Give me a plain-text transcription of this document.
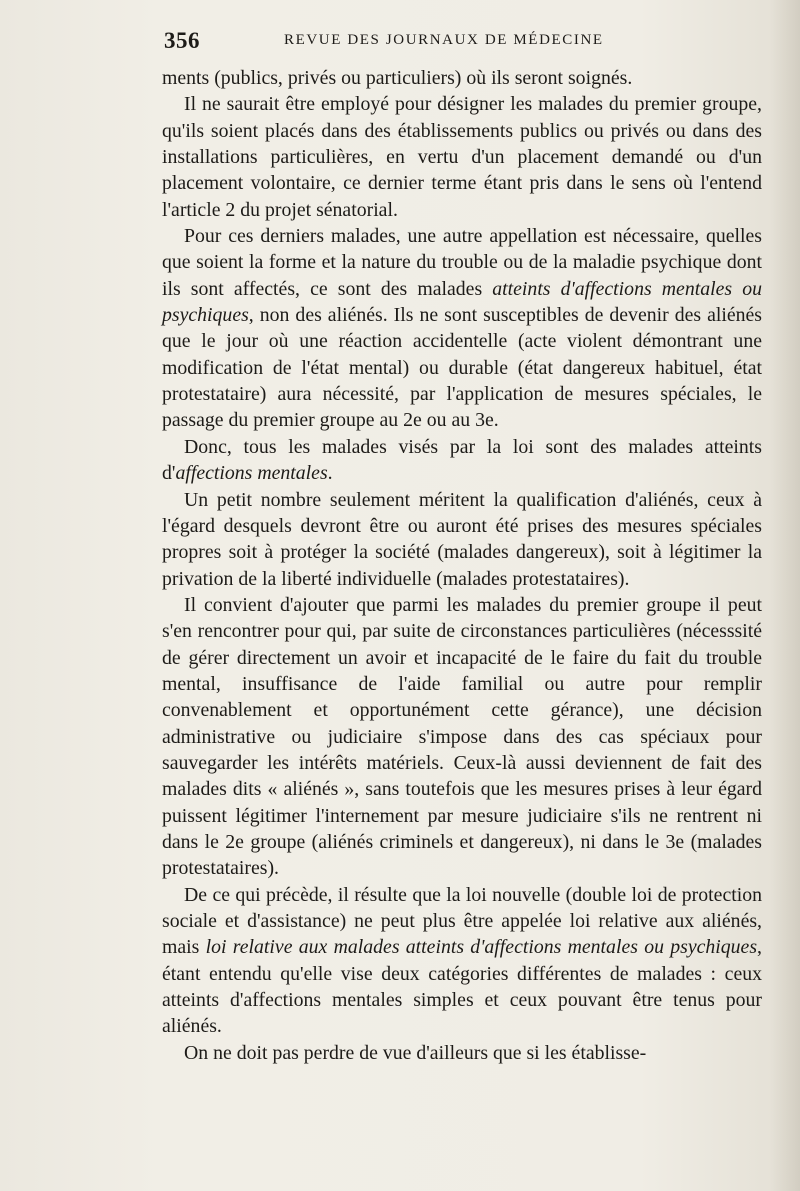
356	REVUE DES JOURNAUX DE MÉDECINE

ments (publics, privés ou particuliers) où ils seront soignés.

Il ne saurait être employé pour désigner les malades du premier groupe, qu'ils soient placés dans des établissements publics ou privés ou dans des installations particulières, en vertu d'un placement demandé ou d'un placement volontaire, ce dernier terme étant pris dans le sens où l'entend l'article 2 du projet sénatorial.

Pour ces derniers malades, une autre appellation est nécessaire, quelles que soient la forme et la nature du trouble ou de la maladie psychique dont ils sont affectés, ce sont des malades atteints d'affections mentales ou psychiques, non des aliénés. Ils ne sont susceptibles de devenir des aliénés que le jour où une réaction accidentelle (acte violent démontrant une modification de l'état mental) ou durable (état dangereux habituel, état protestataire) aura nécessité, par l'application de mesures spéciales, le passage du premier groupe au 2e ou au 3e.

Donc, tous les malades visés par la loi sont des malades atteints d'affections mentales.

Un petit nombre seulement méritent la qualification d'aliénés, ceux à l'égard desquels devront être ou auront été prises des mesures spéciales propres soit à protéger la société (malades dangereux), soit à légitimer la privation de la liberté individuelle (malades protestataires).

Il convient d'ajouter que parmi les malades du premier groupe il peut s'en rencontrer pour qui, par suite de circonstances particulières (nécesssité de gérer directement un avoir et incapacité de le faire du fait du trouble mental, insuffisance de l'aide familial ou autre pour remplir convenablement et opportunément cette gérance), une décision administrative ou judiciaire s'impose dans des cas spéciaux pour sauvegarder les intérêts matériels. Ceux-là aussi deviennent de fait des malades dits « aliénés », sans toutefois que les mesures prises à leur égard puissent légitimer l'internement par mesure judiciaire s'ils ne rentrent ni dans le 2e groupe (aliénés criminels et dangereux), ni dans le 3e (malades protestataires).

De ce qui précède, il résulte que la loi nouvelle (double loi de protection sociale et d'assistance) ne peut plus être appelée loi relative aux aliénés, mais loi relative aux malades atteints d'affections mentales ou psychiques, étant entendu qu'elle vise deux catégories différentes de malades : ceux atteints d'affections mentales simples et ceux pouvant être tenus pour aliénés.

On ne doit pas perdre de vue d'ailleurs que si les établisse-
